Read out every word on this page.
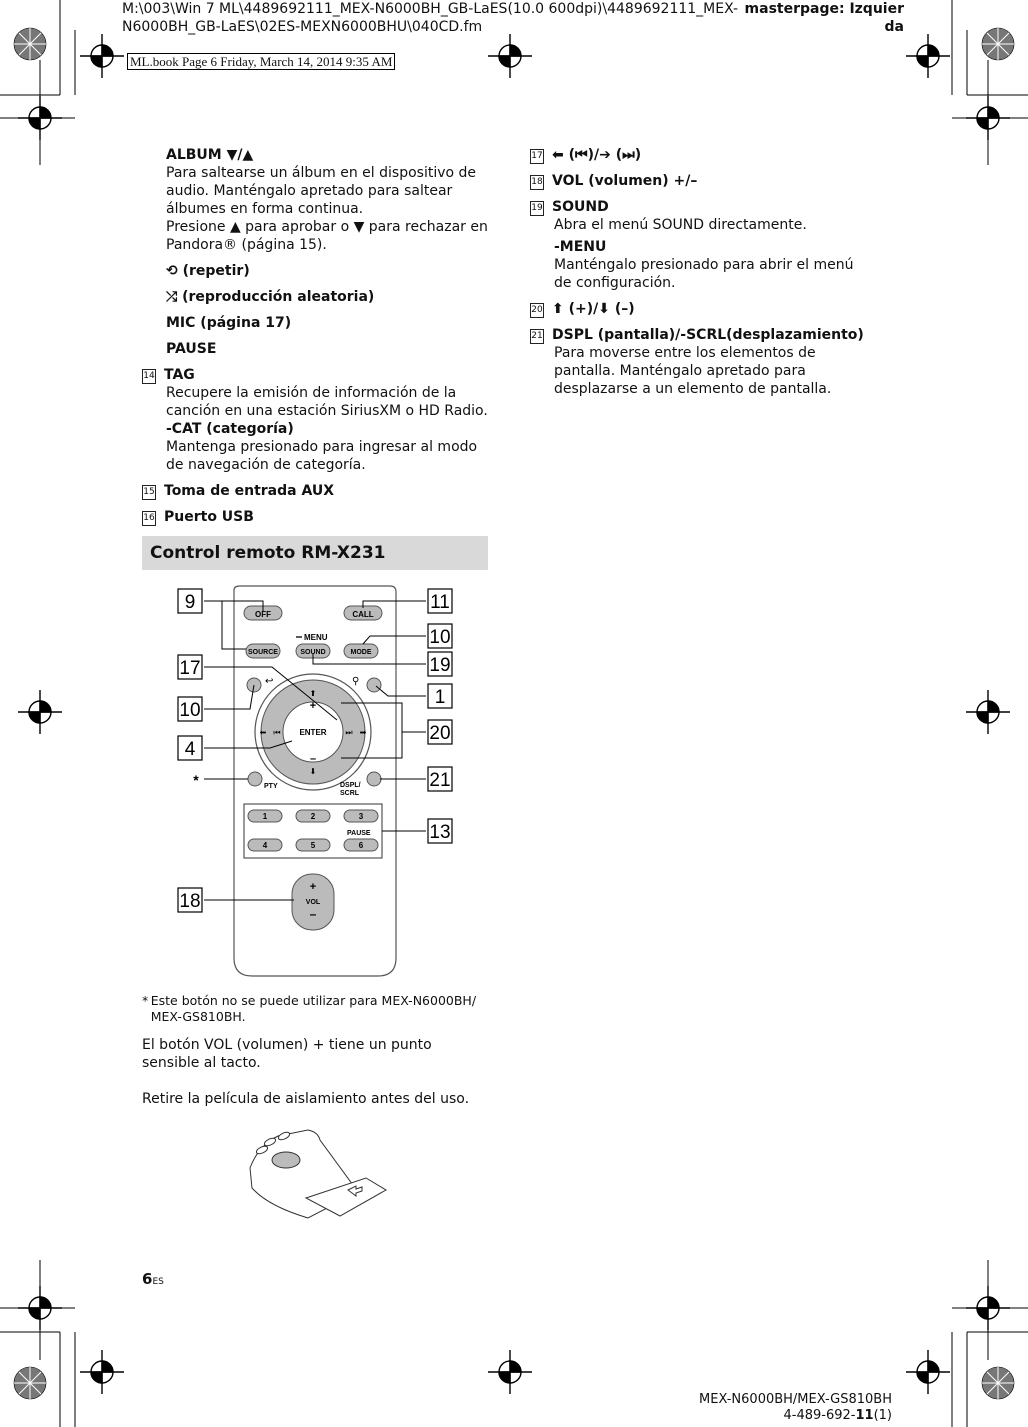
M:\003\Win 7 ML\4489692111_MEX-N6000BH_GB-LaES(10.0 600dpi)\4489692111_MEX-
N6000BH_GB-LaES\02ES-MEXN6000BHU\040CD.fm
masterpage: Izquier
da
ML.book Page 6 Friday, March 14, 2014 9:35 AM
ALBUM ▼/▲
Para saltearse un álbum en el dispositivo de audio. Manténgalo apretado para saltear álbumes en forma continua.
Presione ▲ para aprobar o ▼ para rechazar en Pandora® (página 15).
⟲ (repetir)
⤮ (reproducción aleatoria)
MIC (página 17)
PAUSE
14 TAG
Recupere la emisión de información de la canción en una estación SiriusXM o HD Radio.
-CAT (categoría)
Mantenga presionado para ingresar al modo de navegación de categoría.
15 Toma de entrada AUX
16 Puerto USB
Control remoto RM-X231
OFF	CALL
MENU
SOURCE	SOUND	MODE
↩	⚲
ENTER
⬆
+
–
⬇
⏮
⬅	⏭ ➡
PTY	DSPL/
SCRL
1	2	3
4	5	6
PAUSE
+
VOL
–
9
17
10
4
11
10
19
1
20
21
13
18
*
* Este botón no se puede utilizar para MEX-N6000BH/ MEX-GS810BH.
El botón VOL (volumen) + tiene un punto sensible al tacto.
Retire la película de aislamiento antes del uso.
17 ⬅ (⏮)/➔ (⏭)
18 VOL (volumen) +/–
19 SOUND
Abra el menú SOUND directamente.
-MENU
Manténgalo presionado para abrir el menú de configuración.
20 ⬆ (+)/⬇ (–)
21 DSPL (pantalla)/-SCRL(desplazamiento)
Para moverse entre los elementos de pantalla. Manténgalo apretado para desplazarse a un elemento de pantalla.
6ES
MEX-N6000BH/MEX-GS810BH
4-489-692-11(1)
